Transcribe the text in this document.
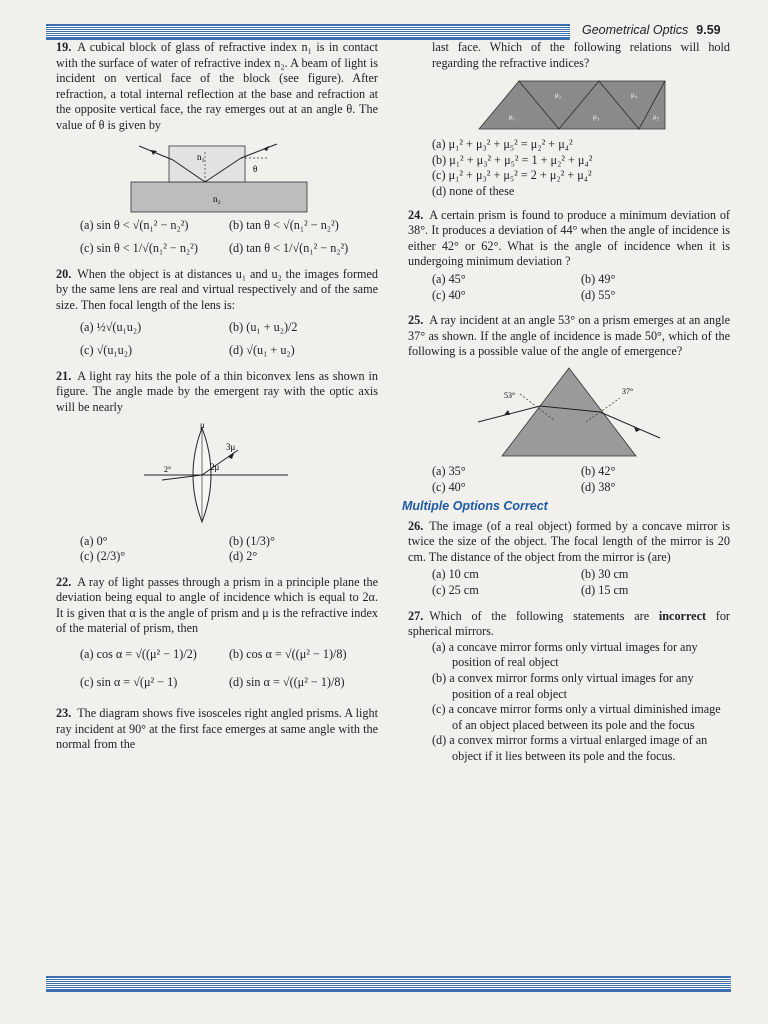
Geometrical Optics 9.59

19. A cubical block of glass of refractive index n₁ is in contact with the surface of water of refractive index n₂. A beam of light is incident on vertical face of the block (see figure). After refraction, a total internal reflection at the base and refraction at the opposite vertical face, the ray emerges out at an angle θ. The value of θ is given by

n₁
θ
n₂
(a) sin θ < √(n₁² − n₂²)	(b) tan θ < √(n₁² − n₂²)
(c) sin θ < 1/√(n₁² − n₂²)	(d) tan θ < 1/√(n₁² − n₂²)

20. When the object is at distances u₁ and u₂ the images formed by the same lens are real and virtual respectively and of the same size. Then focal length of the lens is:

(a) ½√(u₁u₂)	(b) (u₁ + u₂)/2
(c) √(u₁u₂)	(d) √(u₁ + u₂)

21. A light ray hits the pole of a thin biconvex lens as shown in figure. The angle made by the emergent ray with the optic axis will be nearly

μ
2μ
3μ
2°
(a) 0°	(b) (1/3)°
(c) (2/3)°	(d) 2°

22. A ray of light passes through a prism in a principle plane the deviation being equal to angle of incidence which is equal to 2α. It is given that α is the angle of prism and μ is the refractive index of the material of prism, then

(a) cos α = √((μ² − 1)/2)	(b) cos α = √((μ² − 1)/8)
(c) sin α = √(μ² − 1)	(d) sin α = √((μ² − 1)/8)

23. The diagram shows five isosceles right angled prisms. A light ray incident at 90° at the first face emerges at same angle with the normal from the

last face. Which of the following relations will hold regarding the refractive indices?

μ₁
μ₂
μ₃
μ₄
μ₅
(a) μ₁² + μ₃² + μ₅² = μ₂² + μ₄²
(b) μ₁² + μ₃² + μ₅² = 1 + μ₂² + μ₄²
(c) μ₁² + μ₃² + μ₅² = 2 + μ₂² + μ₄²
(d) none of these

24. A certain prism is found to produce a minimum deviation of 38°. It produces a deviation of 44° when the angle of incidence is either 42° or 62°. What is the angle of incidence when it is undergoing minimum deviation ?

(a) 45°	(b) 49°
(c) 40°	(d) 55°

25. A ray incident at an angle 53° on a prism emerges at an angle 37° as shown. If the angle of incidence is made 50°, which of the following is a possible value of the angle of emergence?

53°	37°
(a) 35°	(b) 42°
(c) 40°	(d) 38°
Multiple Options Correct

26. The image (of a real object) formed by a concave mirror is twice the size of the object. The focal length of the mirror is 20 cm. The distance of the object from the mirror is (are)

(a) 10 cm	(b) 30 cm
(c) 25 cm	(d) 15 cm

27. Which of the following statements are incorrect for spherical mirrors.

(a) a concave mirror forms only virtual images for any position of real object
(b) a convex mirror forms only virtual images for any position of a real object
(c) a concave mirror forms only a virtual diminished image of an object placed between its pole and the focus
(d) a convex mirror forms a virtual enlarged image of an object if it lies between its pole and the focus.
